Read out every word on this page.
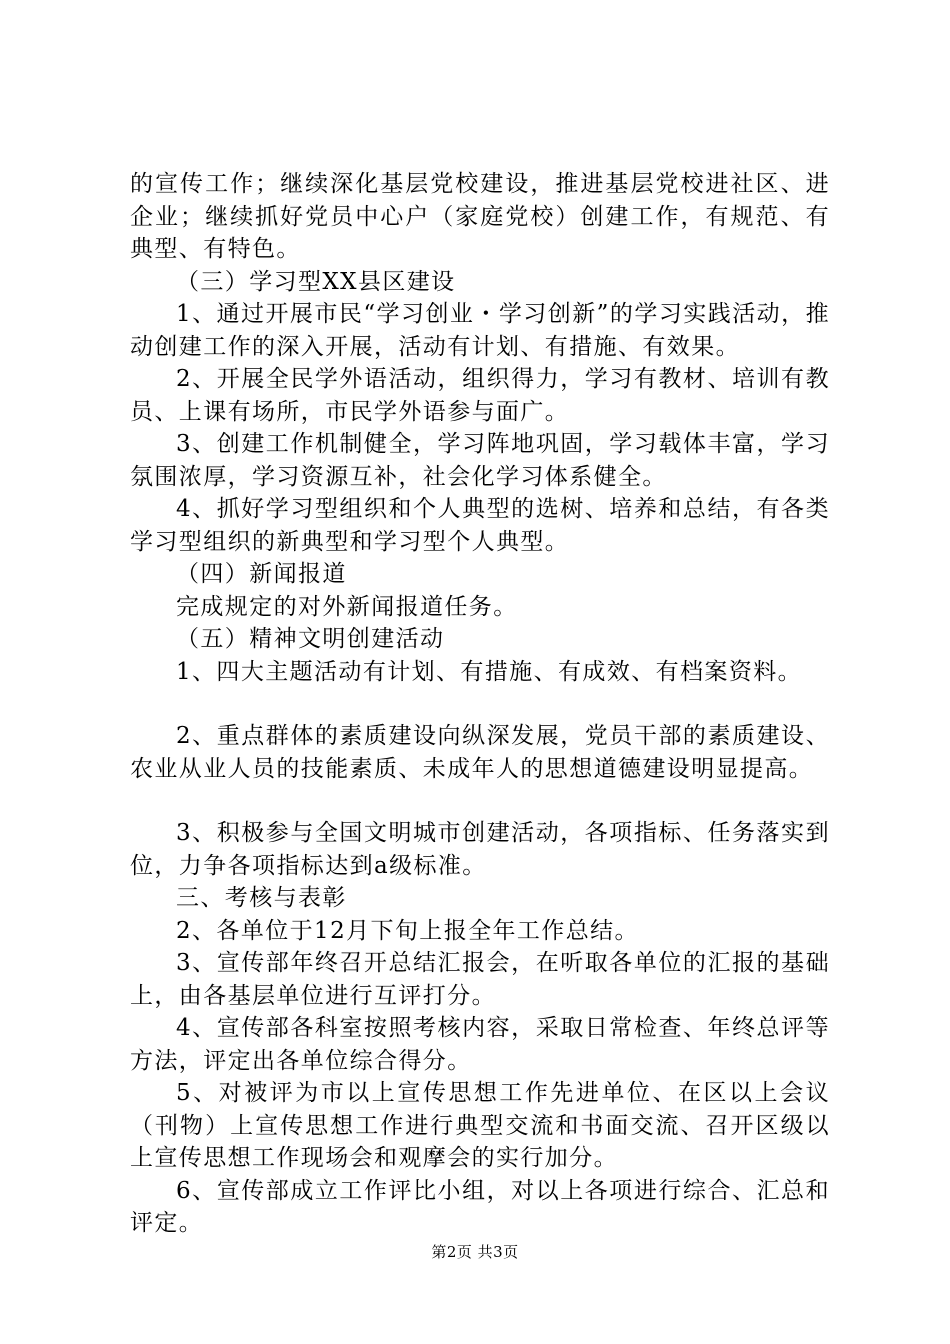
的宣传工作；继续深化基层党校建设，推进基层党校进社区、进企业；继续抓好党员中心户（家庭党校）创建工作，有规范、有典型、有特色。

（三）学习型XX县区建设

1、通过开展市民“学习创业・学习创新”的学习实践活动，推动创建工作的深入开展，活动有计划、有措施、有效果。

2、开展全民学外语活动，组织得力，学习有教材、培训有教员、上课有场所，市民学外语参与面广。

3、创建工作机制健全，学习阵地巩固，学习载体丰富，学习氛围浓厚，学习资源互补，社会化学习体系健全。

4、抓好学习型组织和个人典型的选树、培养和总结，有各类学习型组织的新典型和学习型个人典型。

（四）新闻报道

完成规定的对外新闻报道任务。

（五）精神文明创建活动

1、四大主题活动有计划、有措施、有成效、有档案资料。

2、重点群体的素质建设向纵深发展，党员干部的素质建设、农业从业人员的技能素质、未成年人的思想道德建设明显提高。

3、积极参与全国文明城市创建活动，各项指标、任务落实到位，力争各项指标达到a级标准。

三、考核与表彰

2、各单位于12月下旬上报全年工作总结。

3、宣传部年终召开总结汇报会，在听取各单位的汇报的基础上，由各基层单位进行互评打分。

4、宣传部各科室按照考核内容，采取日常检查、年终总评等方法，评定出各单位综合得分。

5、对被评为市以上宣传思想工作先进单位、在区以上会议（刊物）上宣传思想工作进行典型交流和书面交流、召开区级以上宣传思想工作现场会和观摩会的实行加分。

6、宣传部成立工作评比小组，对以上各项进行综合、汇总和评定。

第2页 共3页
